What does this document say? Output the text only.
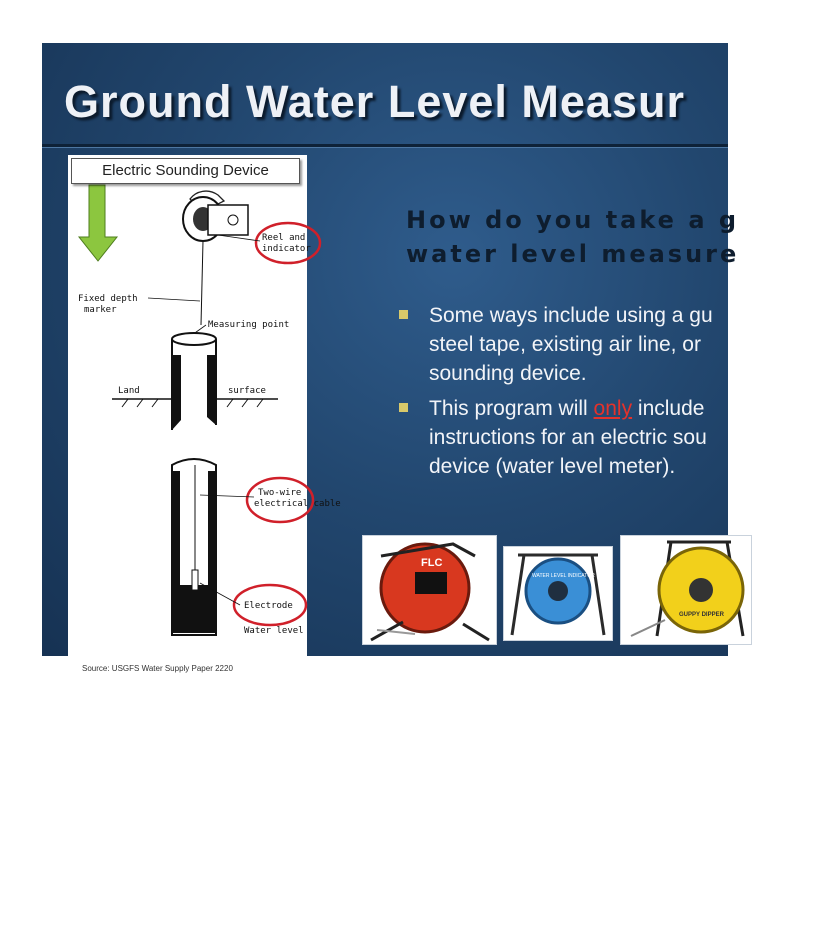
Ground Water Level Measur
Reel and
indicator
Fixed depth
marker
Measuring point
Land	surface
Two-wire
electrical cable
Electrode
Water level
Electric Sounding Device
Source: USGFS Water Supply Paper 2220

How do you take a g
water level measure

Some ways include using a gu
steel tape, existing air line, or
sounding device.
This program will only include
instructions for an electric sou
device (water level meter).
FLC
WATER LEVEL INDICATOR
GUPPY DIPPER
